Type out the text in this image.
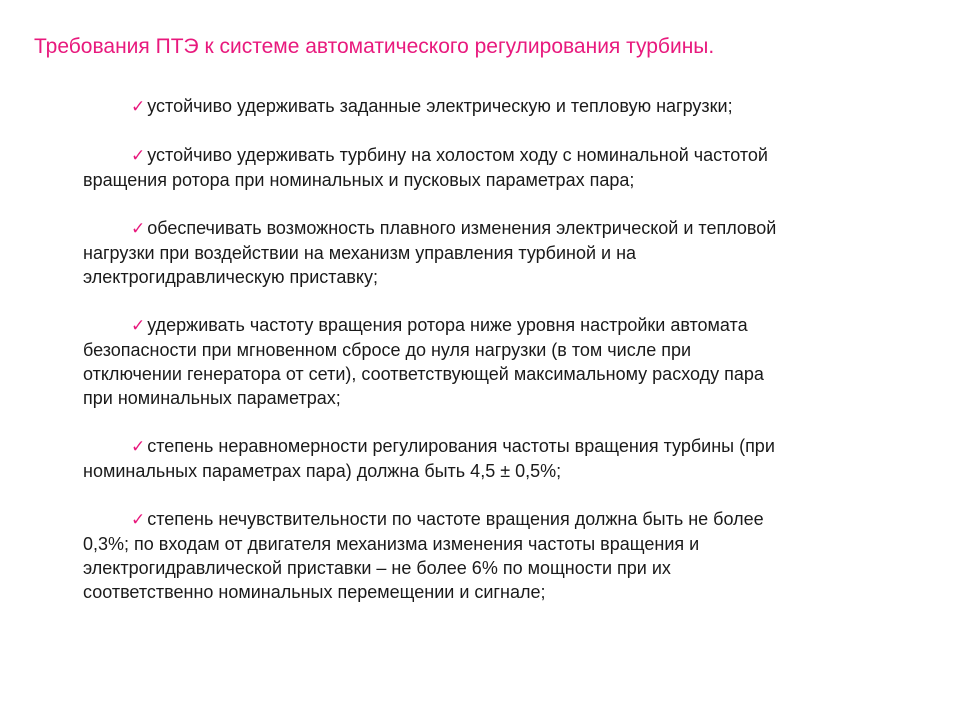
Требования ПТЭ к системе автоматического регулирования турбины.

✓ устойчиво удерживать заданные электрическую и тепловую нагрузки;

✓ устойчиво удерживать турбину на холостом ходу с номинальной частотой
вращения ротора при номинальных и пусковых параметрах пара;

✓ обеспечивать возможность плавного изменения электрической и тепловой
нагрузки при воздействии на механизм управления турбиной и на
электрогидравлическую приставку;

✓ удерживать частоту вращения ротора ниже уровня настройки автомата
безопасности при мгновенном сбросе до нуля нагрузки (в том числе при
отключении генератора от сети), соответствующей максимальному расходу пара
при номинальных параметрах;

✓ степень неравномерности регулирования частоты вращения турбины (при
номинальных параметрах пара) должна быть 4,5 ± 0,5%;

✓ степень нечувствительности по частоте вращения должна быть не более
0,3%; по входам от двигателя механизма изменения частоты вращения и
электрогидравлической приставки – не более 6% по мощности при их
соответственно номинальных перемещении и сигнале;
